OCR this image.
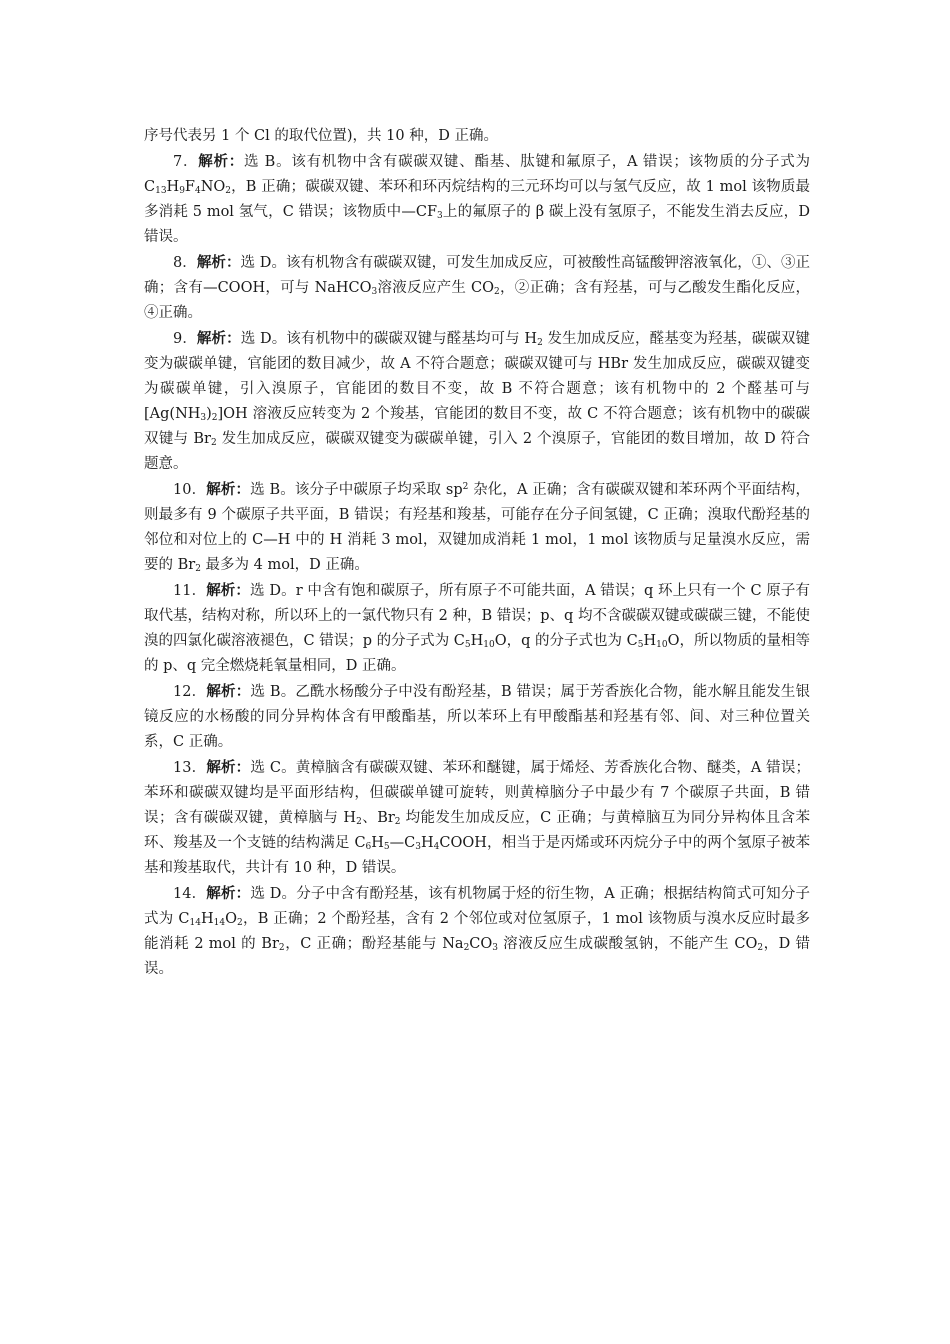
序号代表另 1 个 Cl 的取代位置)，共 10 种，D 正确。

7．解析：选 B。该有机物中含有碳碳双键、酯基、肽键和氟原子，A 错误；该物质的分子式为 $C_{13}H_9F_4NO_2$，B 正确；碳碳双键、苯环和环丙烷结构的三元环均可以与氢气反应，故 1 mol 该物质最多消耗 5 mol 氢气，C 错误；该物质中$—CF_3$上的氟原子的 β 碳上没有氢原子，不能发生消去反应，D 错误。

8．解析：选 D。该有机物含有碳碳双键，可发生加成反应，可被酸性高锰酸钾溶液氧化，①、③正确；含有—COOH，可与 NaHCO$_3$溶液反应产生 $CO_2$，②正确；含有羟基，可与乙酸发生酯化反应，④正确。

9．解析：选 D。该有机物中的碳碳双键与醛基均可与 $H_2$ 发生加成反应，醛基变为羟基，碳碳双键变为碳碳单键，官能团的数目减少，故 A 不符合题意；碳碳双键可与 HBr 发生加成反应，碳碳双键变为碳碳单键，引入溴原子，官能团的数目不变，故 B 不符合题意；该有机物中的 2 个醛基可与$[Ag(NH_3)_2]OH$ 溶液反应转变为 2 个羧基，官能团的数目不变，故 C 不符合题意；该有机物中的碳碳双键与 $Br_2$ 发生加成反应，碳碳双键变为碳碳单键，引入 2 个溴原子，官能团的数目增加，故 D 符合题意。

10．解析：选 B。该分子中碳原子均采取 $sp^2$ 杂化，A 正确；含有碳碳双键和苯环两个平面结构，则最多有 9 个碳原子共平面，B 错误；有羟基和羧基，可能存在分子间氢键，C 正确；溴取代酚羟基的邻位和对位上的 C—H 中的 H 消耗 3 mol，双键加成消耗 1 mol，1 mol 该物质与足量溴水反应，需要的 $Br_2$ 最多为 4 mol，D 正确。

11．解析：选 D。r 中含有饱和碳原子，所有原子不可能共面，A 错误；q 环上只有一个 C 原子有取代基，结构对称，所以环上的一氯代物只有 2 种，B 错误；p、q 均不含碳碳双键或碳碳三键，不能使溴的四氯化碳溶液褪色，C 错误；p 的分子式为 $C_5H_{10}O$，q 的分子式也为 $C_5H_{10}O$，所以物质的量相等的 p、q 完全燃烧耗氧量相同，D 正确。

12．解析：选 B。乙酰水杨酸分子中没有酚羟基，B 错误；属于芳香族化合物，能水解且能发生银镜反应的水杨酸的同分异构体含有甲酸酯基，所以苯环上有甲酸酯基和羟基有邻、间、对三种位置关系，C 正确。

13．解析：选 C。黄樟脑含有碳碳双键、苯环和醚键，属于烯烃、芳香族化合物、醚类，A 错误；苯环和碳碳双键均是平面形结构，但碳碳单键可旋转，则黄樟脑分子中最少有 7 个碳原子共面，B 错误；含有碳碳双键，黄樟脑与 $H_2$、$Br_2$ 均能发生加成反应，C 正确；与黄樟脑互为同分异构体且含苯环、羧基及一个支链的结构满足 $C_6H_5—C_3H_4COOH$，相当于是丙烯或环丙烷分子中的两个氢原子被苯基和羧基取代，共计有 10 种，D 错误。

14．解析：选 D。分子中含有酚羟基，该有机物属于烃的衍生物，A 正确；根据结构简式可知分子式为 $C_{14}H_{14}O_2$，B 正确；2 个酚羟基，含有 2 个邻位或对位氢原子，1 mol 该物质与溴水反应时最多能消耗 2 mol 的 $Br_2$，C 正确；酚羟基能与 $Na_2CO_3$ 溶液反应生成碳酸氢钠，不能产生 $CO_2$，D 错误。
